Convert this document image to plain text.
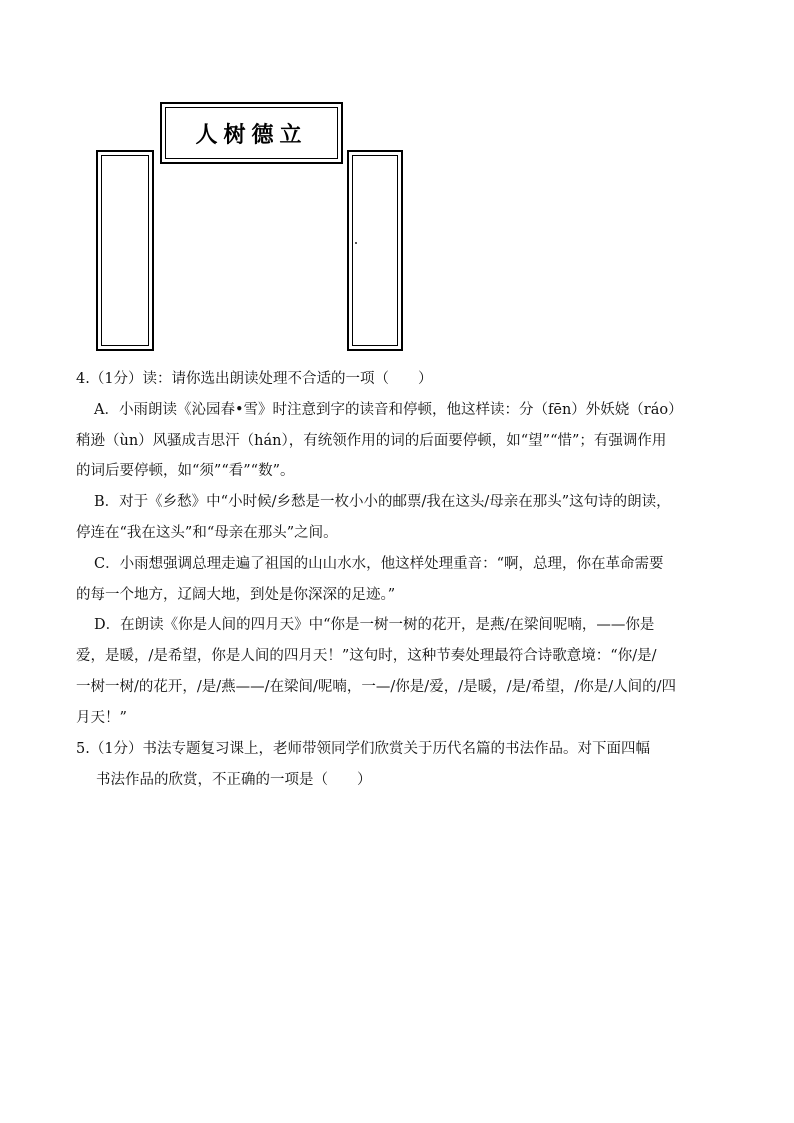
人树德立
4.（1分）读：请你选出朗读处理不合适的一项（　　）
A．小雨朗读《沁园春•雪》时注意到字的读音和停顿，他这样读：分（fēn）外妖娆（ráo）
稍逊（ùn）风骚成吉思汗（hán），有统领作用的词的后面要停顿，如“望”“惜”；有强调作用
的词后要停顿，如“须”“看”“数”。
B．对于《乡愁》中“小时候/乡愁是一枚小小的邮票/我在这头/母亲在那头”这句诗的朗读，
停连在“我在这头”和“母亲在那头”之间。
C．小雨想强调总理走遍了祖国的山山水水，他这样处理重音：“啊，总理，你在革命需要
的每一个地方，辽阔大地，到处是你深深的足迹。”
D．在朗读《你是人间的四月天》中“你是一树一树的花开，是燕/在梁间呢喃，——你是
爱，是暖，/是希望，你是人间的四月天！”这句时，这种节奏处理最符合诗歌意境：“你/是/
一树一树/的花开，/是/燕——/在梁间/呢喃，一—/你是/爱，/是暖，/是/希望，/你是/人间的/四
月天！”
5.（1分）书法专题复习课上，老师带领同学们欣赏关于历代名篇的书法作品。对下面四幅
书法作品的欣赏，不正确的一项是（　　）
